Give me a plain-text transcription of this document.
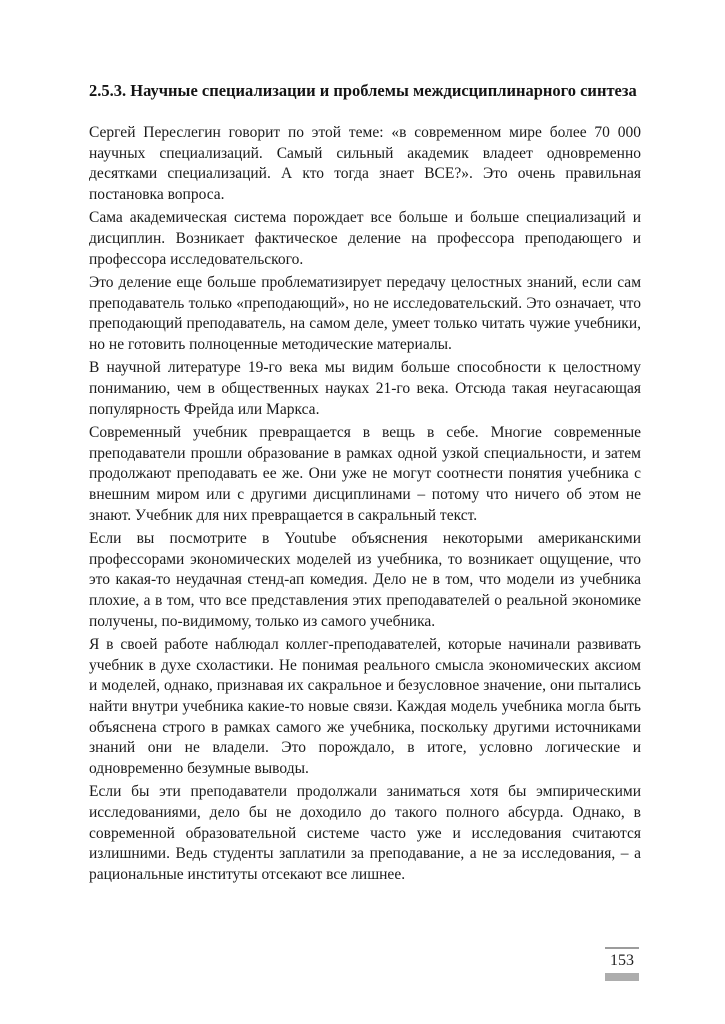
2.5.3. Научные специализации и проблемы междисциплинарного синтеза

Сергей Переслегин говорит по этой теме: «в современном мире более 70 000 научных специализаций. Самый сильный академик владеет одновременно десятками специализаций. А кто тогда знает ВСЕ?». Это очень правильная постановка вопроса.

Сама академическая система порождает все больше и больше специализаций и дисциплин. Возникает фактическое деление на профессора преподающего и профессора исследовательского.

Это деление еще больше проблематизирует передачу целостных знаний, если сам преподаватель только «преподающий», но не исследовательский. Это означает, что преподающий преподаватель, на самом деле, умеет только читать чужие учебники, но не готовить полноценные методические материалы.

В научной литературе 19-го века мы видим больше способности к целостному пониманию, чем в общественных науках 21-го века. Отсюда такая неугасающая популярность Фрейда или Маркса.

Современный учебник превращается в вещь в себе. Многие современные преподаватели прошли образование в рамках одной узкой специальности, и затем продолжают преподавать ее же. Они уже не могут соотнести понятия учебника с внешним миром или с другими дисциплинами – потому что ничего об этом не знают. Учебник для них превращается в сакральный текст.

Если вы посмотрите в Youtube объяснения некоторыми американскими профессорами экономических моделей из учебника, то возникает ощущение, что это какая-то неудачная стенд-ап комедия. Дело не в том, что модели из учебника плохие, а в том, что все представления этих преподавателей о реальной экономике получены, по-видимому, только из самого учебника.

Я в своей работе наблюдал коллег-преподавателей, которые начинали развивать учебник в духе схоластики. Не понимая реального смысла экономических аксиом и моделей, однако, признавая их сакральное и безусловное значение, они пытались найти внутри учебника какие-то новые связи. Каждая модель учебника могла быть объяснена строго в рамках самого же учебника, поскольку другими источниками знаний они не владели. Это порождало, в итоге, условно логические и одновременно безумные выводы.

Если бы эти преподаватели продолжали заниматься хотя бы эмпирическими исследованиями, дело бы не доходило до такого полного абсурда. Однако, в современной образовательной системе часто уже и исследования считаются излишними. Ведь студенты заплатили за преподавание, а не за исследования, – а рациональные институты отсекают все лишнее.

153
